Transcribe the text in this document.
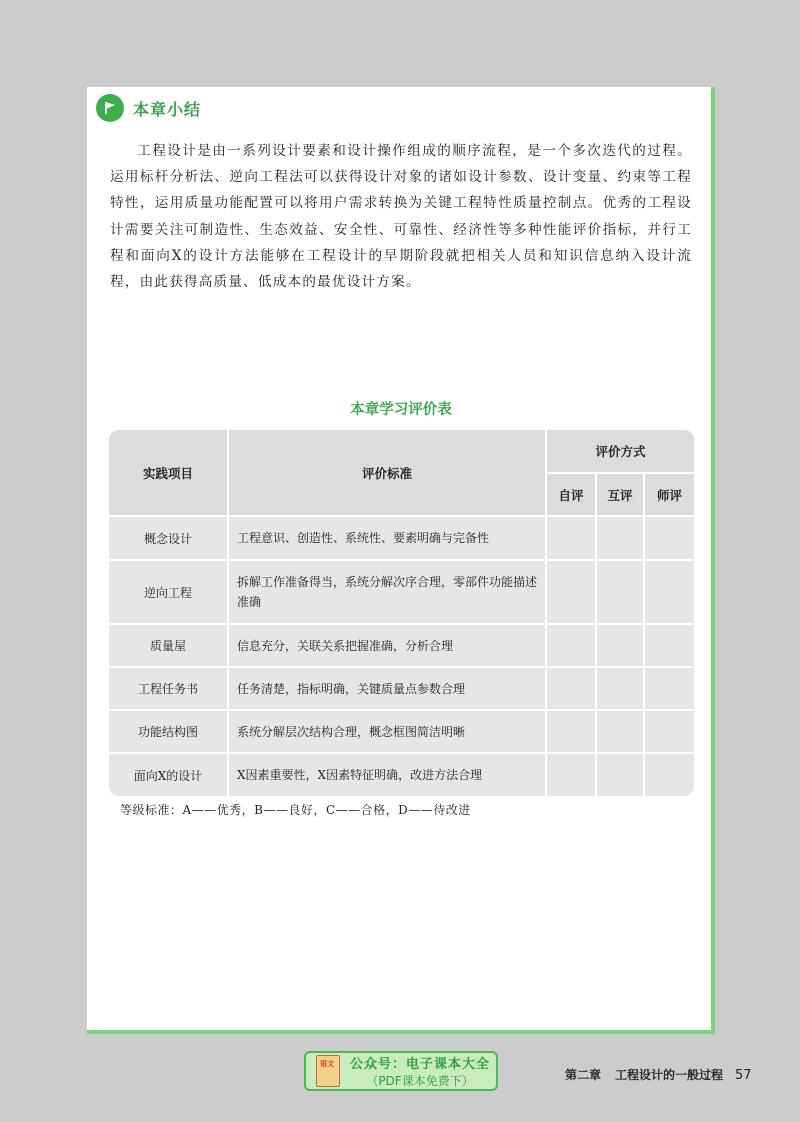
本章小结

工程设计是由一系列设计要素和设计操作组成的顺序流程，是一个多次迭代的过程。运用标杆分析法、逆向工程法可以获得设计对象的诸如设计参数、设计变量、约束等工程特性，运用质量功能配置可以将用户需求转换为关键工程特性质量控制点。优秀的工程设计需要关注可制造性、生态效益、安全性、可靠性、经济性等多种性能评价指标，并行工程和面向X的设计方法能够在工程设计的早期阶段就把相关人员和知识信息纳入设计流程，由此获得高质量、低成本的最优设计方案。

本章学习评价表
实践项目	评价标准	评价方式		
		自评	互评	师评
概念设计	工程意识、创造性、系统性、要素明确与完备性			
逆向工程	拆解工作准备得当，系统分解次序合理，零部件功能描述准确			
质量屋	信息充分，关联关系把握准确，分析合理			
工程任务书	任务清楚，指标明确，关键质量点参数合理			
功能结构图	系统分解层次结构合理，概念框图简洁明晰			
面向X的设计	X因素重要性，X因素特征明确，改进方法合理			
等级标准：A——优秀，B——良好，C——合格，D——待改进
语文 公众号：电子课本大全
（PDF课本免费下）	第二章 工程设计的一般过程 57
